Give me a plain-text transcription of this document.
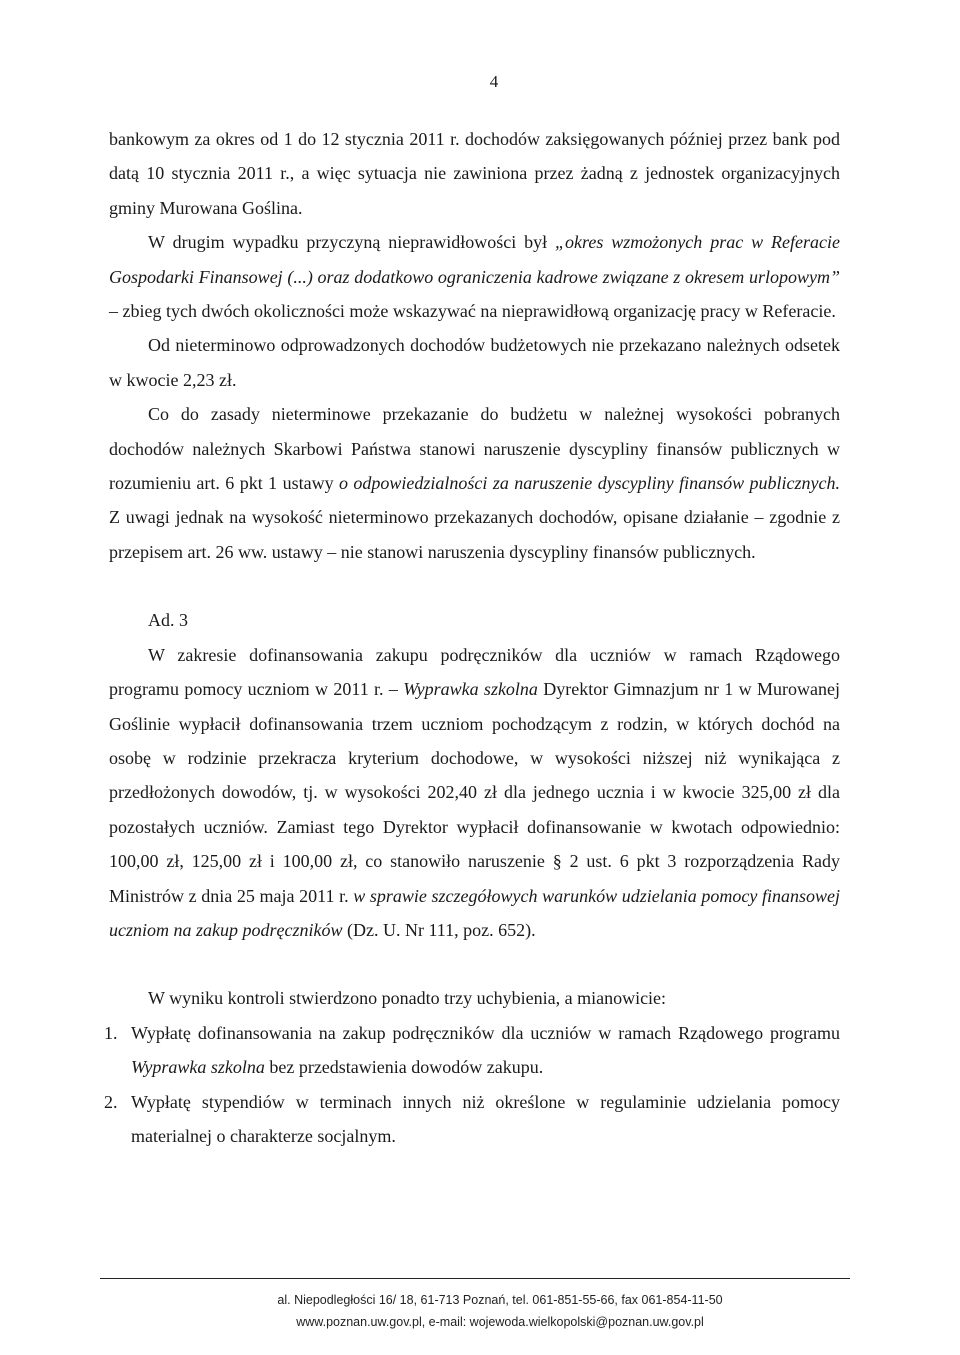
4

bankowym za okres od 1 do 12 stycznia 2011 r. dochodów zaksięgowanych później przez bank pod datą 10 stycznia 2011 r., a więc sytuacja nie zawiniona przez żadną z jednostek organizacyjnych gminy Murowana Goślina.

W drugim wypadku przyczyną nieprawidłowości był „okres wzmożonych prac w Referacie Gospodarki Finansowej (...) oraz dodatkowo ograniczenia kadrowe związane z okresem urlopowym” – zbieg tych dwóch okoliczności może wskazywać na nieprawidłową organizację pracy w Referacie.

Od nieterminowo odprowadzonych dochodów budżetowych nie przekazano należnych odsetek w kwocie 2,23 zł.

Co do zasady nieterminowe przekazanie do budżetu w należnej wysokości pobranych dochodów należnych Skarbowi Państwa stanowi naruszenie dyscypliny finansów publicznych w rozumieniu art. 6 pkt 1 ustawy o odpowiedzialności za naruszenie dyscypliny finansów publicznych. Z uwagi jednak na wysokość nieterminowo przekazanych dochodów, opisane działanie – zgodnie z przepisem art. 26 ww. ustawy – nie stanowi naruszenia dyscypliny finansów publicznych.

Ad. 3

W zakresie dofinansowania zakupu podręczników dla uczniów w ramach Rządowego programu pomocy uczniom w 2011 r. – Wyprawka szkolna Dyrektor Gimnazjum nr 1 w Murowanej Goślinie wypłacił dofinansowania trzem uczniom pochodzącym z rodzin, w których dochód na osobę w rodzinie przekracza kryterium dochodowe, w wysokości niższej niż wynikająca z przedłożonych dowodów, tj. w wysokości 202,40 zł dla jednego ucznia i w kwocie 325,00 zł dla pozostałych uczniów. Zamiast tego Dyrektor wypłacił dofinansowanie w kwotach odpowiednio: 100,00 zł, 125,00 zł i 100,00 zł, co stanowiło naruszenie § 2 ust. 6 pkt 3 rozporządzenia Rady Ministrów z dnia 25 maja 2011 r. w sprawie szczegółowych warunków udzielania pomocy finansowej uczniom na zakup podręczników (Dz. U. Nr 111, poz. 652).

W wyniku kontroli stwierdzono ponadto trzy uchybienia, a mianowicie:

1. Wypłatę dofinansowania na zakup podręczników dla uczniów w ramach Rządowego programu Wyprawka szkolna bez przedstawienia dowodów zakupu.
2. Wypłatę stypendiów w terminach innych niż określone w regulaminie udzielania pomocy materialnej o charakterze socjalnym.
al. Niepodległości 16/ 18, 61-713 Poznań, tel. 061-851-55-66, fax 061-854-11-50
www.poznan.uw.gov.pl, e-mail: wojewoda.wielkopolski@poznan.uw.gov.pl
